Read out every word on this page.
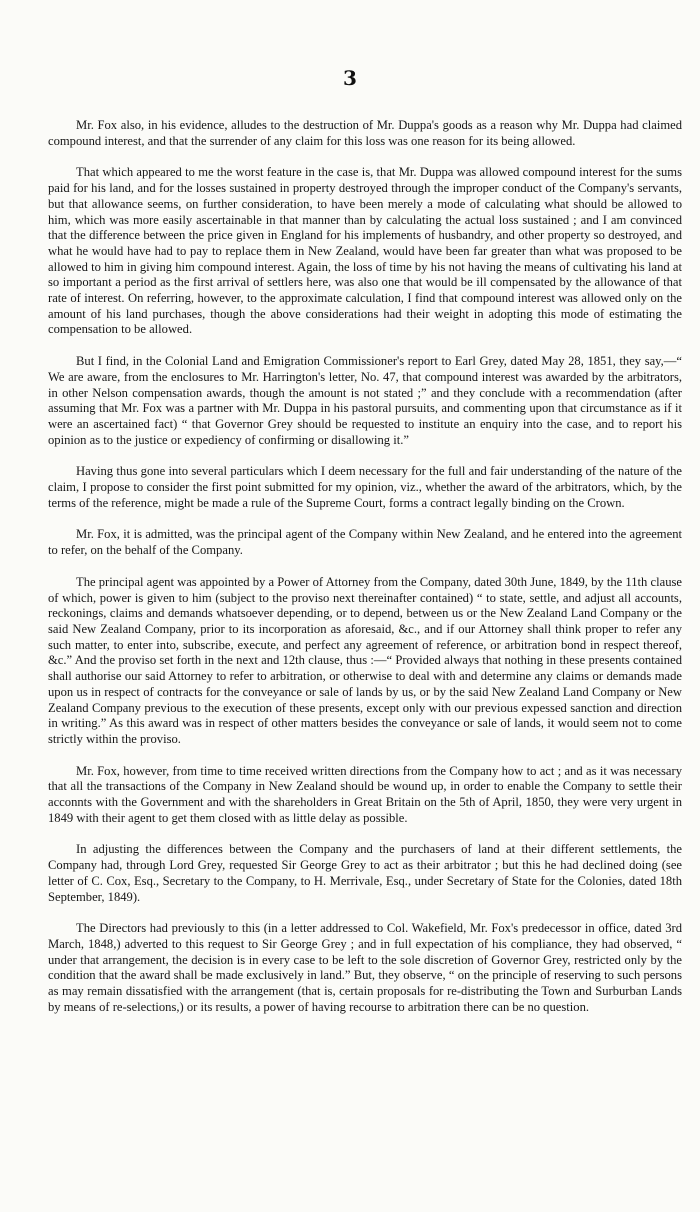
3

Mr. Fox also, in his evidence, alludes to the destruction of Mr. Duppa's goods as a reason why Mr. Duppa had claimed compound interest, and that the surrender of any claim for this loss was one reason for its being allowed.

That which appeared to me the worst feature in the case is, that Mr. Duppa was allowed compound interest for the sums paid for his land, and for the losses sustained in property destroyed through the improper conduct of the Company's servants, but that allowance seems, on further consideration, to have been merely a mode of calculating what should be allowed to him, which was more easily ascertainable in that manner than by calculating the actual loss sustained ; and I am convinced that the difference between the price given in England for his implements of husbandry, and other property so destroyed, and what he would have had to pay to replace them in New Zealand, would have been far greater than what was proposed to be allowed to him in giving him compound interest. Again, the loss of time by his not having the means of cultivating his land at so important a period as the first arrival of settlers here, was also one that would be ill compensated by the allowance of that rate of interest. On referring, however, to the approximate calculation, I find that compound interest was allowed only on the amount of his land purchases, though the above considerations had their weight in adopting this mode of estimating the compensation to be allowed.

But I find, in the Colonial Land and Emigration Commissioner's report to Earl Grey, dated May 28, 1851, they say,—“ We are aware, from the enclosures to Mr. Harrington's letter, No. 47, that compound interest was awarded by the arbitrators, in other Nelson compensation awards, though the amount is not stated ;” and they conclude with a recommendation (after assuming that Mr. Fox was a partner with Mr. Duppa in his pastoral pursuits, and commenting upon that circumstance as if it were an ascertained fact) “ that Governor Grey should be requested to institute an enquiry into the case, and to report his opinion as to the justice or expediency of confirming or disallowing it.”

Having thus gone into several particulars which I deem necessary for the full and fair understanding of the nature of the claim, I propose to consider the first point submitted for my opinion, viz., whether the award of the arbitrators, which, by the terms of the reference, might be made a rule of the Supreme Court, forms a contract legally binding on the Crown.

Mr. Fox, it is admitted, was the principal agent of the Company within New Zealand, and he entered into the agreement to refer, on the behalf of the Company.

The principal agent was appointed by a Power of Attorney from the Company, dated 30th June, 1849, by the 11th clause of which, power is given to him (subject to the proviso next thereinafter contained) “ to state, settle, and adjust all accounts, reckonings, claims and demands whatsoever depending, or to depend, between us or the New Zealand Land Company or the said New Zealand Company, prior to its incorporation as aforesaid, &c., and if our Attorney shall think proper to refer any such matter, to enter into, subscribe, execute, and perfect any agreement of reference, or arbitration bond in respect thereof, &c.” And the proviso set forth in the next and 12th clause, thus :—“ Provided always that nothing in these presents contained shall authorise our said Attorney to refer to arbitration, or otherwise to deal with and determine any claims or demands made upon us in respect of contracts for the conveyance or sale of lands by us, or by the said New Zealand Land Company or New Zealand Company previous to the execution of these presents, except only with our previous expessed sanction and direction in writing.” As this award was in respect of other matters besides the conveyance or sale of lands, it would seem not to come strictly within the proviso.

Mr. Fox, however, from time to time received written directions from the Company how to act ; and as it was necessary that all the transactions of the Company in New Zealand should be wound up, in order to enable the Company to settle their acconnts with the Government and with the shareholders in Great Britain on the 5th of April, 1850, they were very urgent in 1849 with their agent to get them closed with as little delay as possible.

In adjusting the differences between the Company and the purchasers of land at their different settlements, the Company had, through Lord Grey, requested Sir George Grey to act as their arbitrator ; but this he had declined doing (see letter of C. Cox, Esq., Secretary to the Company, to H. Merrivale, Esq., under Secretary of State for the Colonies, dated 18th September, 1849).

The Directors had previously to this (in a letter addressed to Col. Wakefield, Mr. Fox's predecessor in office, dated 3rd March, 1848,) adverted to this request to Sir George Grey ; and in full expectation of his compliance, they had observed, “ under that arrangement, the decision is in every case to be left to the sole discretion of Governor Grey, restricted only by the condition that the award shall be made exclusively in land.” But, they observe, “ on the principle of reserving to such persons as may remain dissatisfied with the arrangement (that is, certain proposals for re-distributing the Town and Surburban Lands by means of re-selections,) or its results, a power of having recourse to arbitration there can be no question.
